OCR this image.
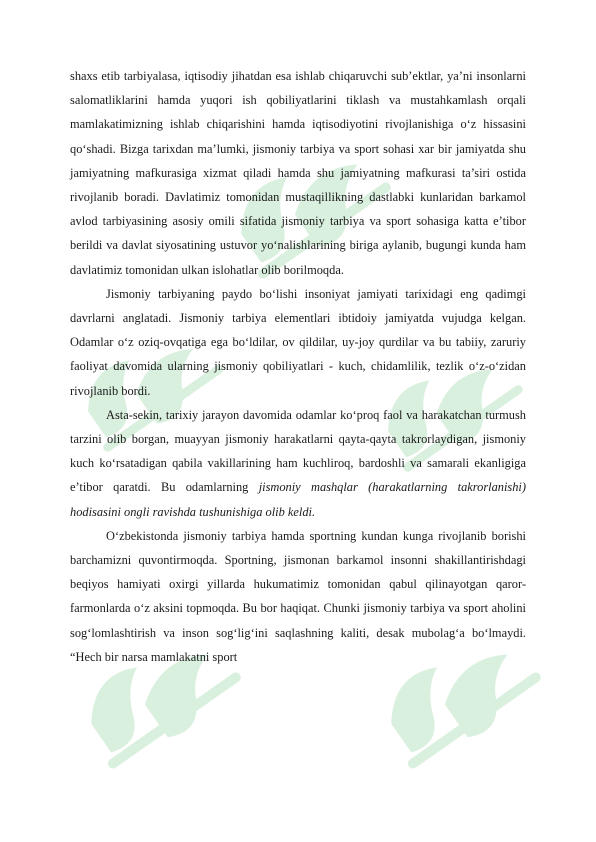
shaxs etib tarbiyalasa, iqtisodiy jihatdan esa ishlab chiqaruvchi sub’ektlar, ya’ni insonlarni salomatliklarini hamda yuqori ish qobiliyatlarini tiklash va mustahkamlash orqali mamlakatimizning ishlab chiqarishini hamda iqtisodiyotini rivojlanishiga o‘z hissasini qo‘shadi. Bizga tarixdan ma’lumki, jismoniy tarbiya va sport sohasi xar bir jamiyatda shu jamiyatning mafkurasiga xizmat qiladi hamda shu jamiyatning mafkurasi ta’siri ostida rivojlanib boradi. Davlatimiz tomonidan mustaqillikning dastlabki kunlaridan barkamol avlod tarbiyasining asosiy omili sifatida jismoniy tarbiya va sport sohasiga katta e’tibor berildi va davlat siyosatining ustuvor yo‘nalishlarining biriga aylanib, bugungi kunda ham davlatimiz tomonidan ulkan islohatlar olib borilmoqda.

Jismoniy tarbiyaning paydo bo‘lishi insoniyat jamiyati tarixidagi eng qadimgi davrlarni anglatadi. Jismoniy tarbiya elementlari ibtidoiy jamiyatda vujudga kelgan. Odamlar o‘z oziq-ovqatiga ega bo‘ldilar, ov qildilar, uy-joy qurdilar va bu tabiiy, zaruriy faoliyat davomida ularning jismoniy qobiliyatlari - kuch, chidamlilik, tezlik o‘z-o‘zidan rivojlanib bordi.

Asta-sekin, tarixiy jarayon davomida odamlar ko‘proq faol va harakatchan turmush tarzini olib borgan, muayyan jismoniy harakatlarni qayta-qayta takrorlaydigan, jismoniy kuch ko‘rsatadigan qabila vakillarining ham kuchliroq, bardoshli va samarali ekanligiga e’tibor qaratdi. Bu odamlarning jismoniy mashqlar (harakatlarning takrorlanishi) hodisasini ongli ravishda tushunishiga olib keldi.

O‘zbekistonda jismoniy tarbiya hamda sportning kundan kunga rivojlanib borishi barchamizni quvontirmoqda. Sportning, jismonan barkamol insonni shakillantirishdagi beqiyos hamiyati oxirgi yillarda hukumatimiz tomonidan qabul qilinayotgan qaror-farmonlarda o‘z aksini topmoqda. Bu bor haqiqat. Chunki jismoniy tarbiya va sport aholini sog‘lomlashtirish va inson sog‘lig‘ini saqlashning kaliti, desak mubolag‘a bo‘lmaydi. “Hech bir narsa mamlakatni sport
